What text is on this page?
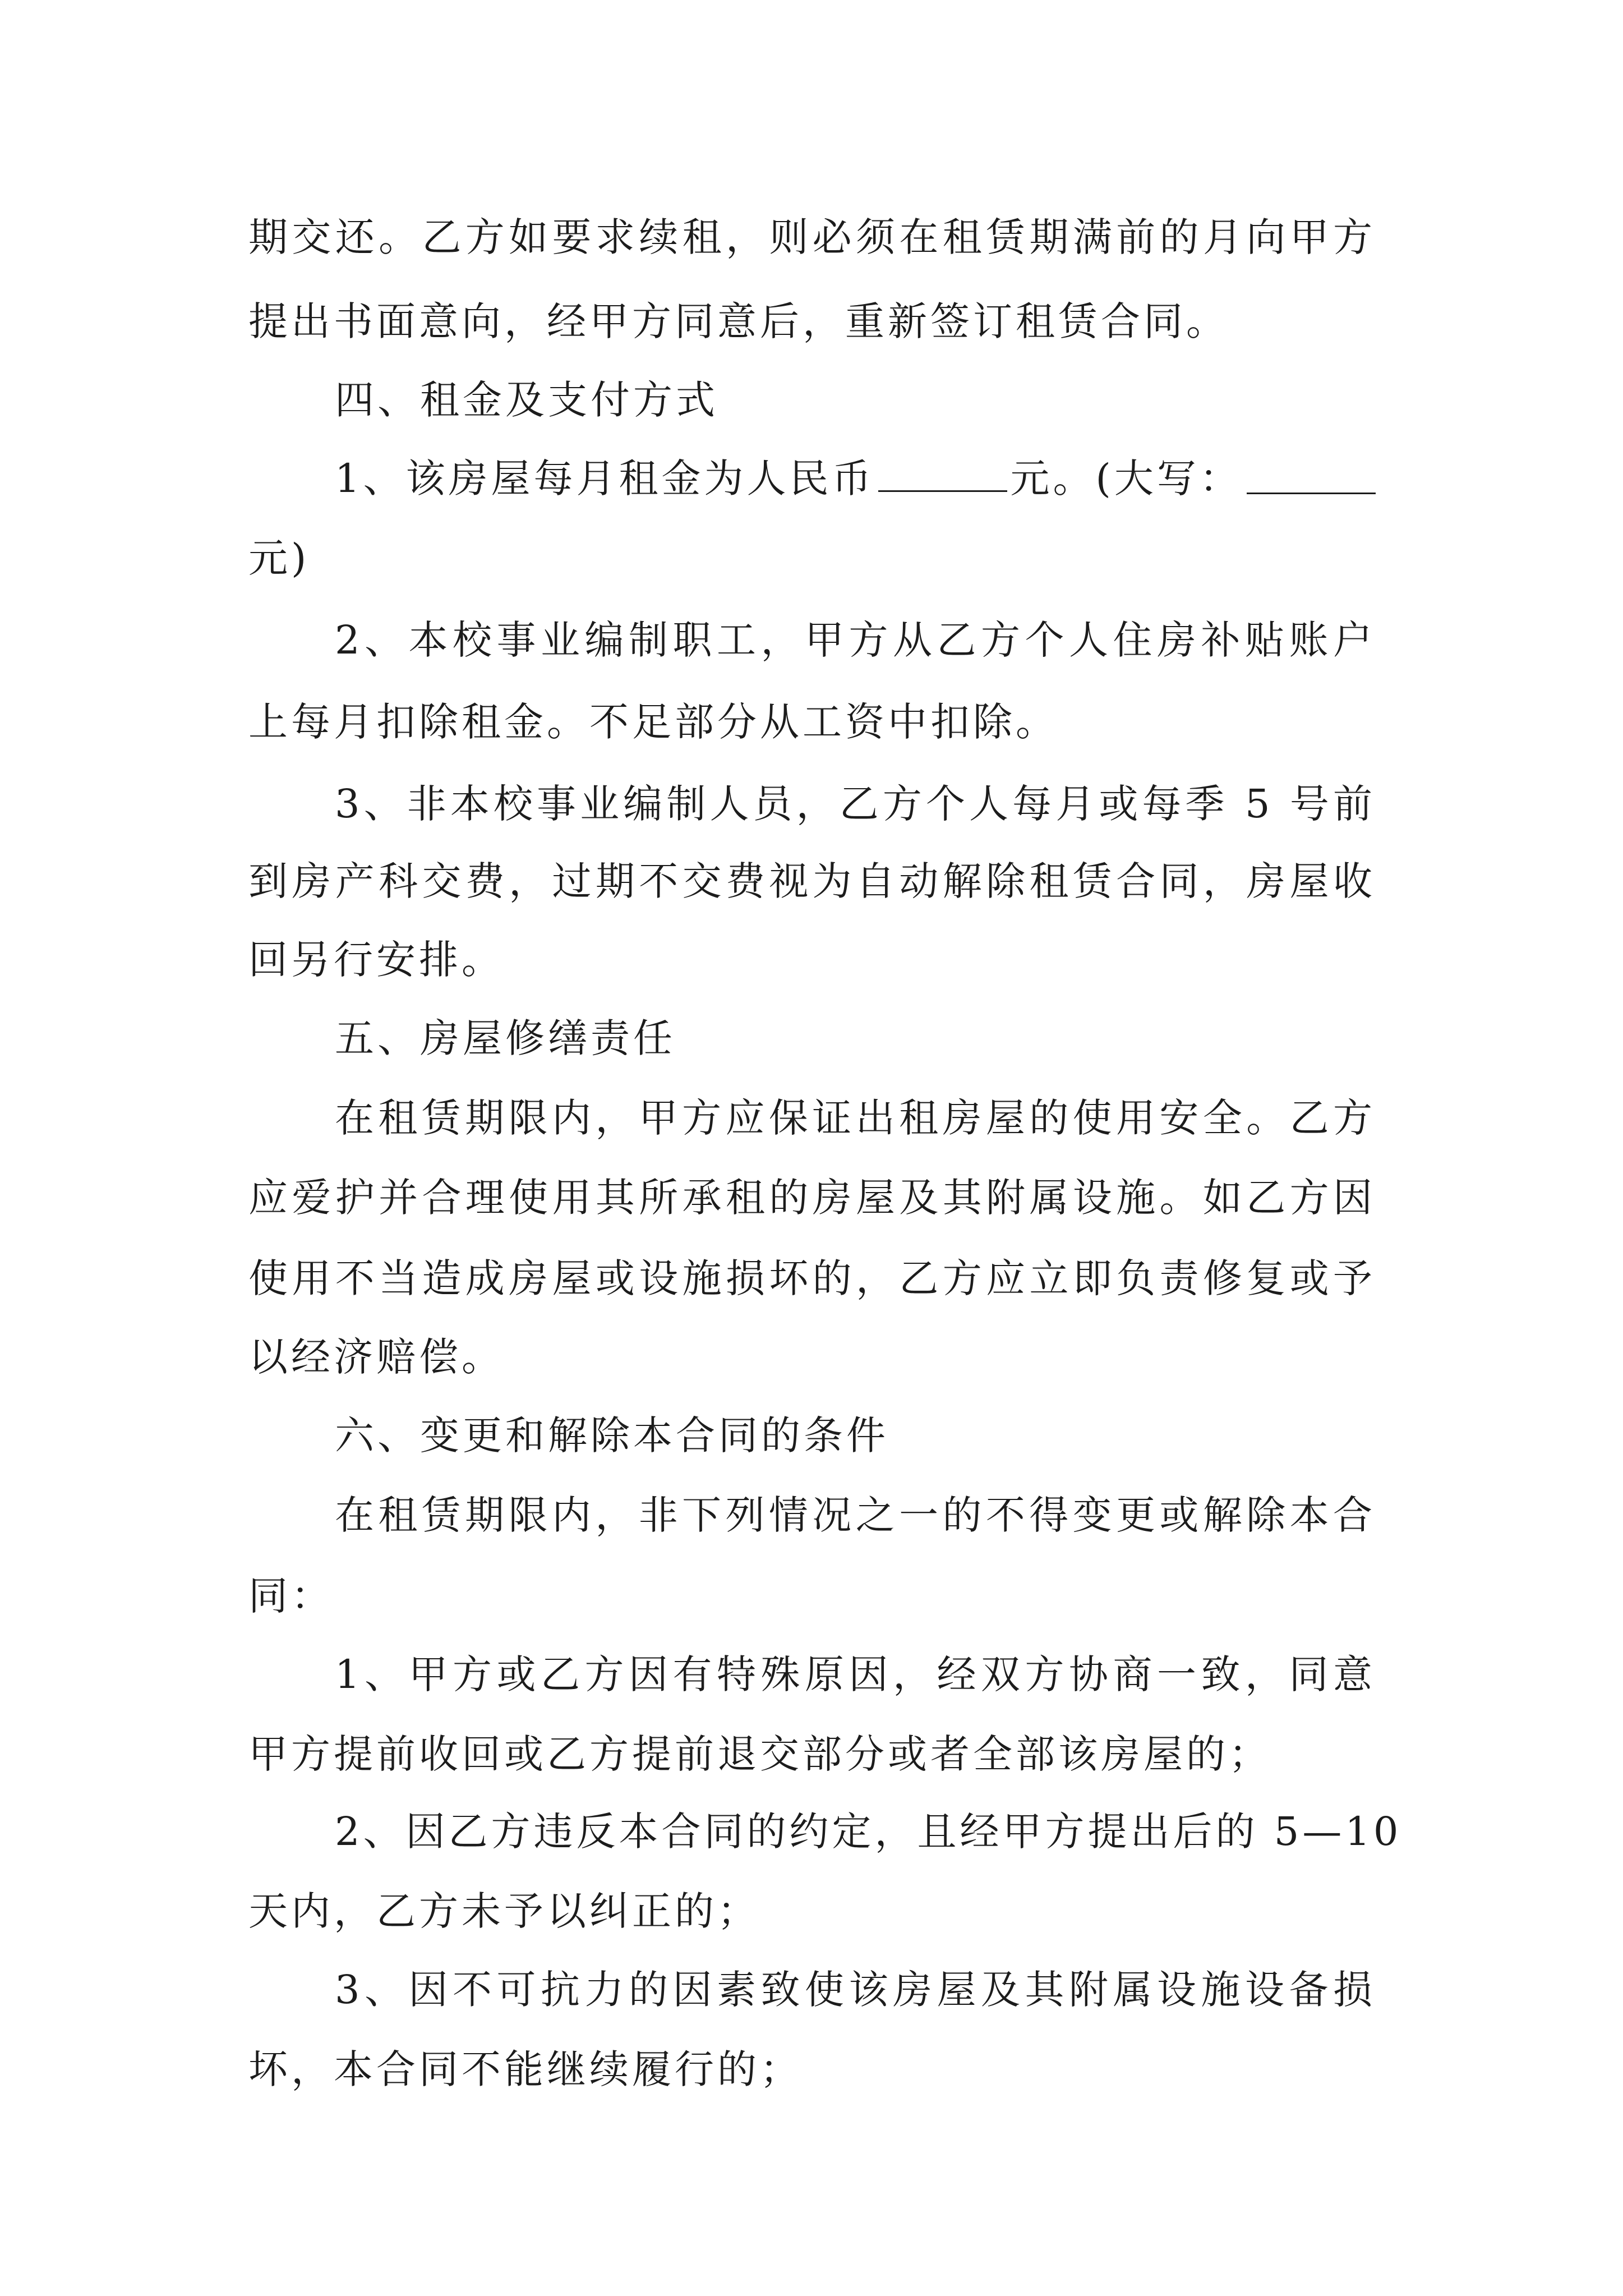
期交还。乙方如要求续租，则必须在租赁期满前的月向甲方
提出书面意向，经甲方同意后，重新签订租赁合同。
四、租金及支付方式
1、该房屋每月租金为人民币	元。(大写：
元)
2、本校事业编制职工，甲方从乙方个人住房补贴账户
上每月扣除租金。不足部分从工资中扣除。
3、非本校事业编制人员，乙方个人每月或每季 5 号前
到房产科交费，过期不交费视为自动解除租赁合同，房屋收
回另行安排。
五、房屋修缮责任
在租赁期限内，甲方应保证出租房屋的使用安全。乙方
应爱护并合理使用其所承租的房屋及其附属设施。如乙方因
使用不当造成房屋或设施损坏的，乙方应立即负责修复或予
以经济赔偿。
六、变更和解除本合同的条件
在租赁期限内，非下列情况之一的不得变更或解除本合
同：
1、甲方或乙方因有特殊原因，经双方协商一致，同意
甲方提前收回或乙方提前退交部分或者全部该房屋的；
2、因乙方违反本合同的约定，且经甲方提出后的 5—10
天内，乙方未予以纠正的；
3、因不可抗力的因素致使该房屋及其附属设施设备损
坏，本合同不能继续履行的；
